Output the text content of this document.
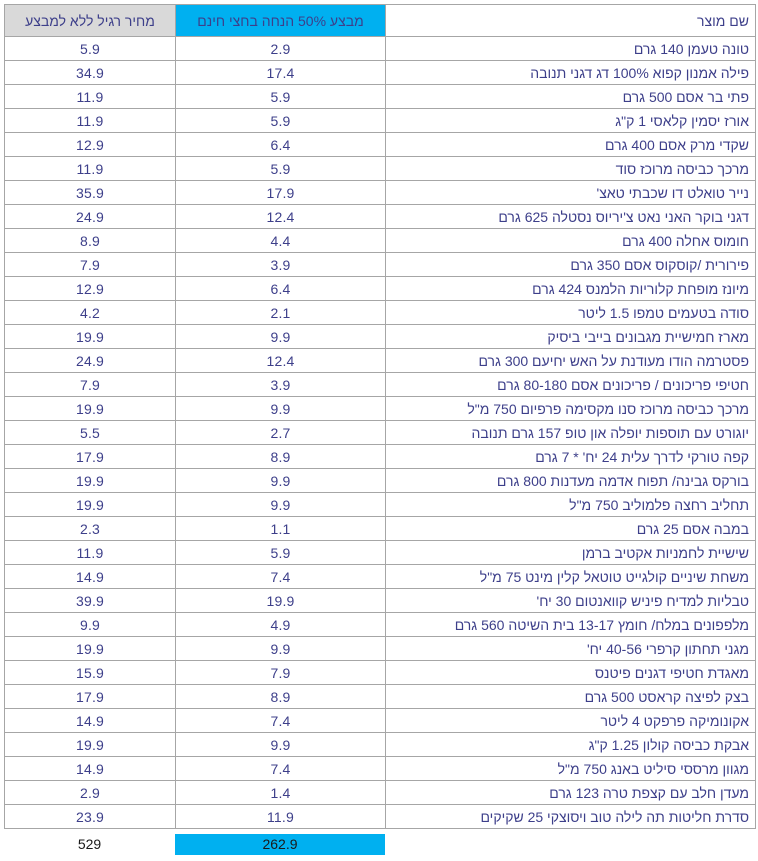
מחיר רגיל ללא למבצע	מבצע 50% הנחה בחצי חינם	שם מוצר
5.9	2.9	טונה טעמן 140 גרם
34.9	17.4	פילה אמנון קפוא 100% דג דגני תנובה
11.9	5.9	פתי בר אסם 500 גרם
11.9	5.9	אורז יסמין קלאסי 1 ק"ג
12.9	6.4	שקדי מרק אסם 400 גרם
11.9	5.9	מרכך כביסה מרוכז סוד
35.9	17.9	נייר טואלט דו שכבתי טאצ'
24.9	12.4	דגני בוקר האני נאט צ'יריוס נסטלה 625 גרם
8.9	4.4	חומוס אחלה 400 גרם
7.9	3.9	פירורית /קוסקוס אסם 350 גרם
12.9	6.4	מיונז מופחת קלוריות הלמנס 424 גרם
4.2	2.1	סודה בטעמים טמפו 1.5 ליטר
19.9	9.9	מארז חמישיית מגבונים בייבי ביסיק
24.9	12.4	פסטרמה הודו מעודנת על האש יחיעם 300 גרם
7.9	3.9	חטיפי פריכונים / פריכונים אסם 80-180 גרם
19.9	9.9	מרכך כביסה מרוכז סנו מקסימה פרפיום 750 מ"ל
5.5	2.7	יוגורט עם תוספות יופלה און טופ 157 גרם תנובה
17.9	8.9	קפה טורקי לדרך עלית 24 יח' * 7 גרם
19.9	9.9	בורקס גבינה/ תפוח אדמה מעדנות 800 גרם
19.9	9.9	תחליב רחצה פלמוליב 750 מ"ל
2.3	1.1	במבה אסם 25 גרם
11.9	5.9	שישיית לחמניות אקטיב ברמן
14.9	7.4	משחת שיניים קולגייט טוטאל קלין מינט 75 מ"ל
39.9	19.9	טבליות למדיח פיניש קוואנטום 30 יח'
9.9	4.9	מלפפונים במלח/ חומץ 13-17 בית השיטה 560 גרם
19.9	9.9	מגני תחתון קרפרי 40-56 יח'
15.9	7.9	מאגדת חטיפי דגנים פיטנס
17.9	8.9	בצק לפיצה קראסט 500 גרם
14.9	7.4	אקונומיקה פרפקט 4 ליטר
19.9	9.9	אבקת כביסה קולון 1.25 ק"ג
14.9	7.4	מגוון מרססי סיליט באנג 750 מ"ל
2.9	1.4	מעדן חלב עם קצפת טרה 123 גרם
23.9	11.9	סדרת חליטות תה לילה טוב ויסוצקי 25 שקיקים
529	262.9
